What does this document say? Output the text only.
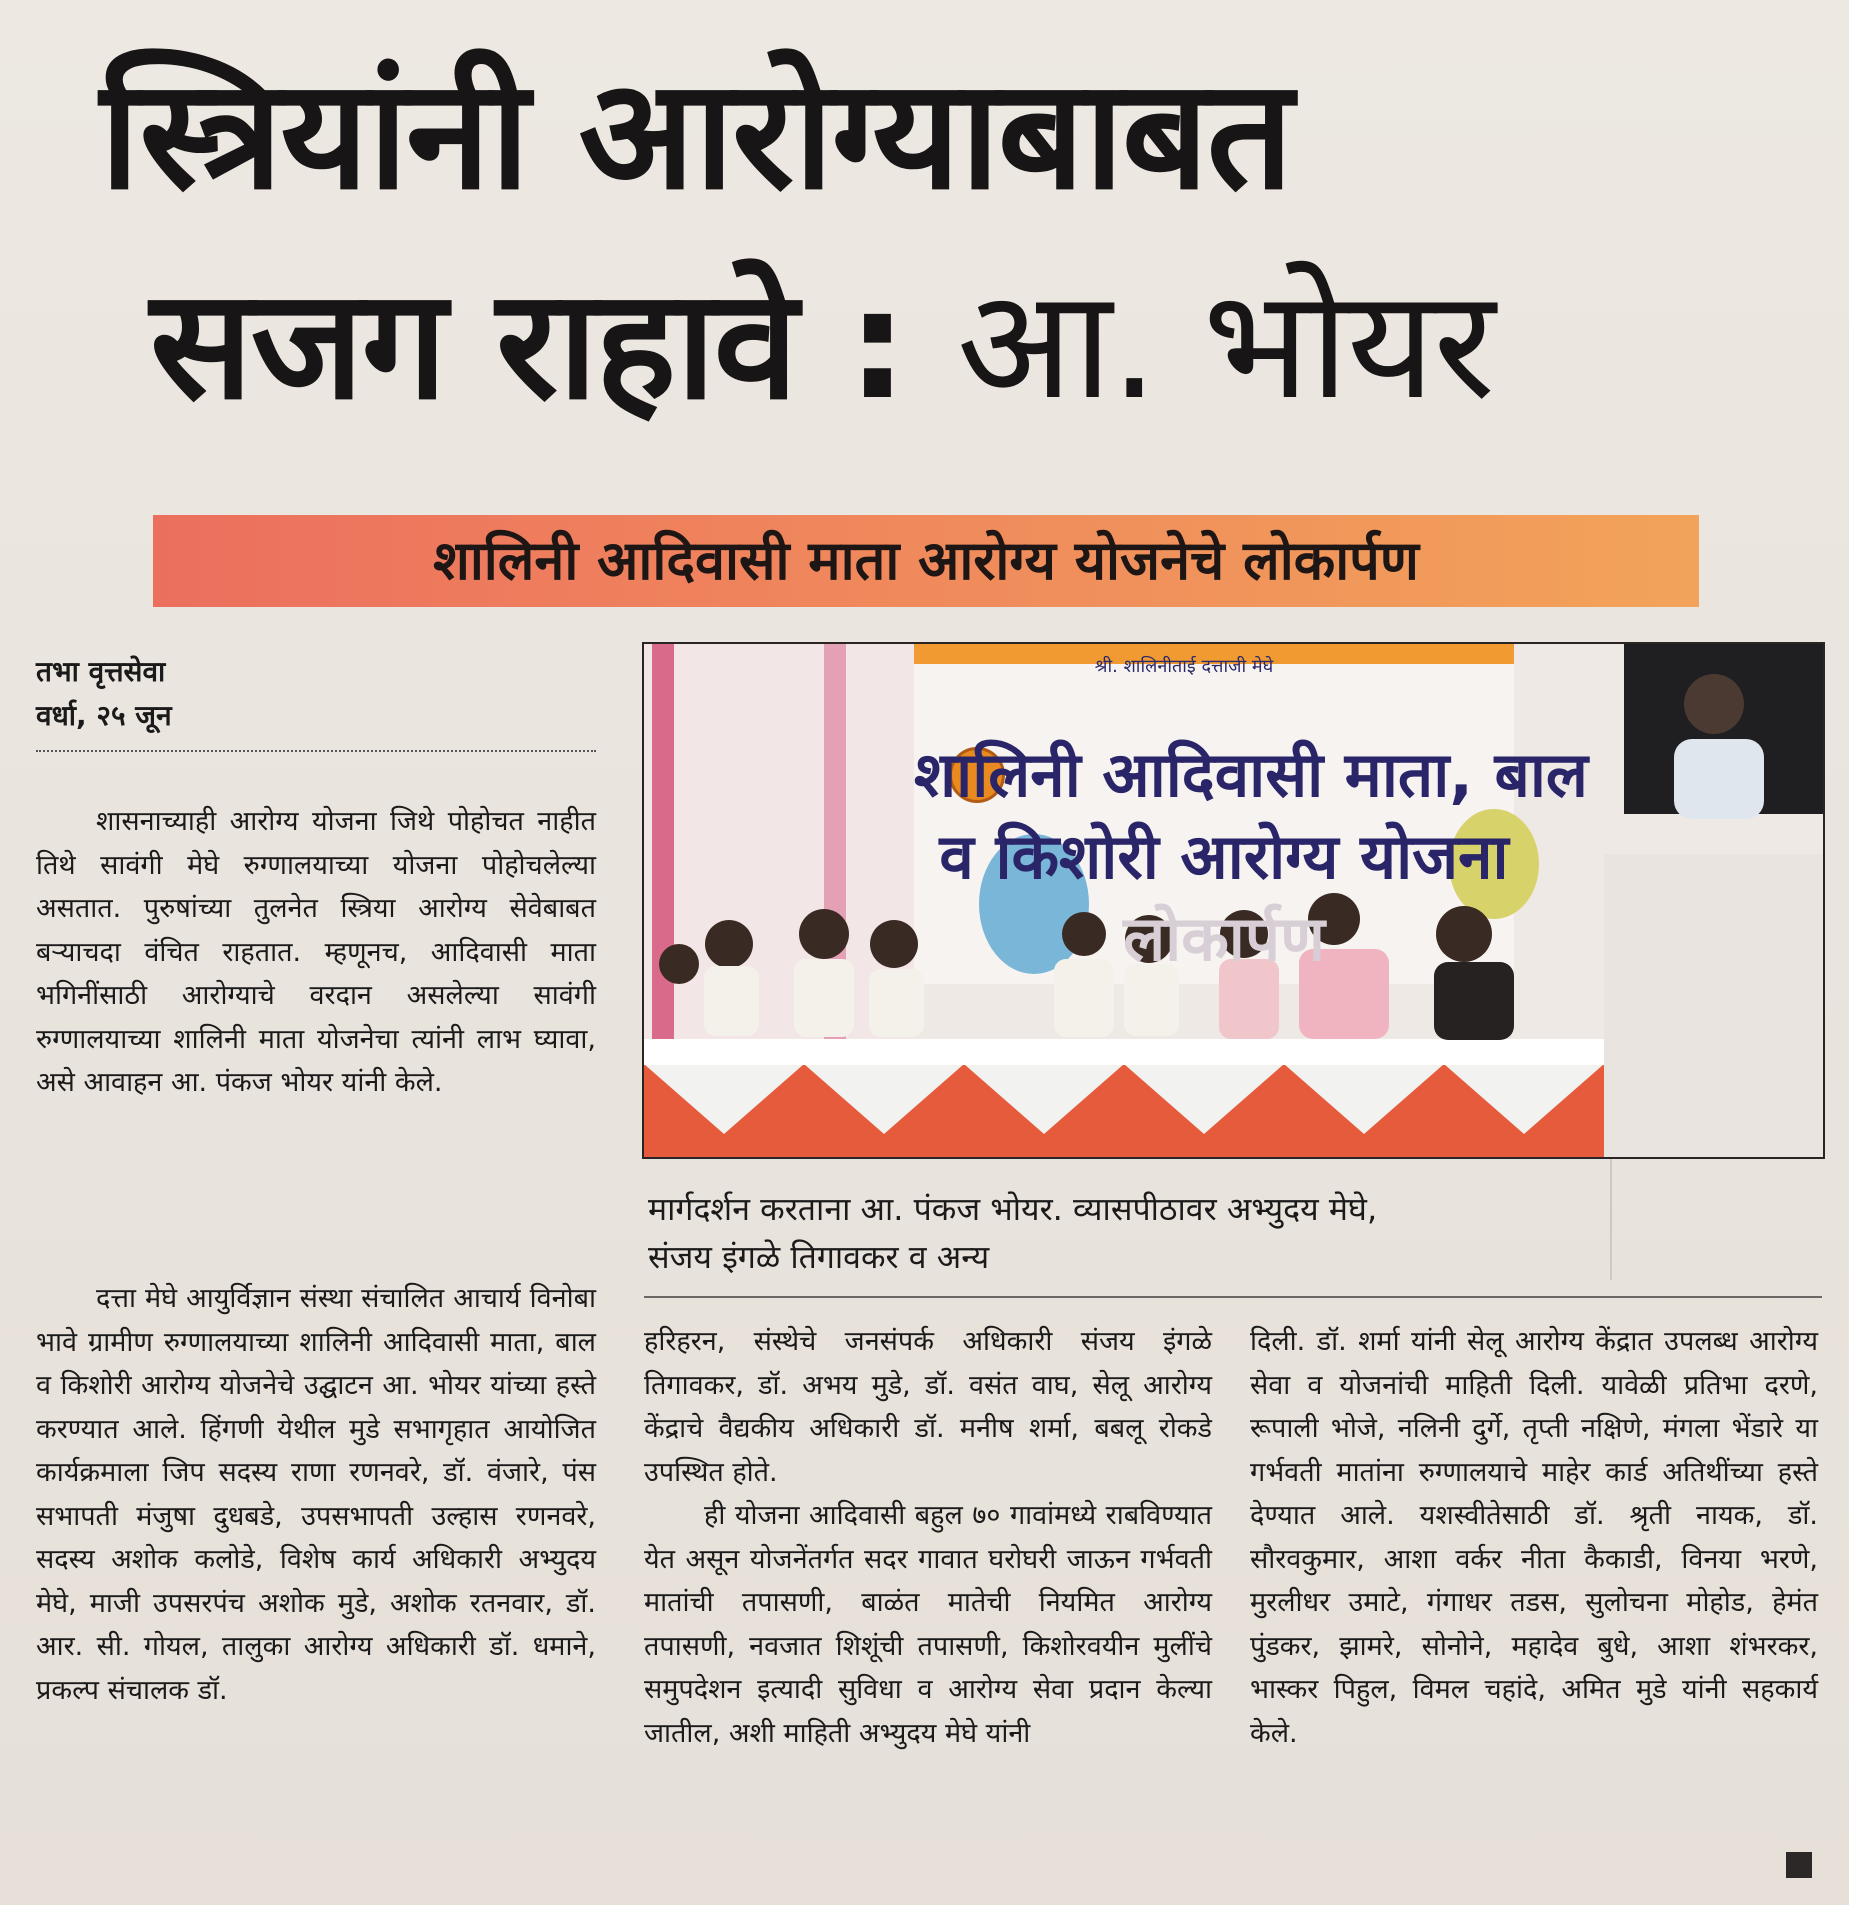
स्त्रियांनी आरोग्याबाबत
सजग राहावे : आ. भोयर
शालिनी आदिवासी माता आरोग्य योजनेचे लोकार्पण
तभा वृत्तसेवा
वर्धा, २५ जून

शासनाच्याही आरोग्य योजना जिथे पोहोचत नाहीत तिथे सावंगी मेघे रुग्णालयाच्या योजना पोहोचलेल्या असतात. पुरुषांच्या तुलनेत स्त्रिया आरोग्य सेवेबाबत बऱ्याचदा वंचित राहतात. म्हणूनच, आदिवासी माता भगिनींसाठी आरोग्याचे वरदान असलेल्या सावंगी रुग्णालयाच्या शालिनी माता योजनेचा त्यांनी लाभ घ्यावा, असे आवाहन आ. पंकज भोयर यांनी केले.

दत्ता मेघे आयुर्विज्ञान संस्था संचालित आचार्य विनोबा भावे ग्रामीण रुग्णालयाच्या शालिनी आदिवासी माता, बाल व किशोरी आरोग्य योजनेचे उद्घाटन आ. भोयर यांच्या हस्ते करण्यात आले. हिंगणी येथील मुडे सभागृहात आयोजित कार्यक्रमाला जिप सदस्य राणा रणनवरे, डॉ. वंजारे, पंस सभापती मंजुषा दुधबडे, उपसभापती उल्हास रणनवरे, सदस्य अशोक कलोडे, विशेष कार्य अधिकारी अभ्युदय मेघे, माजी उपसरपंच अशोक मुडे, अशोक रतनवार, डॉ. आर. सी. गोयल, तालुका आरोग्य अधिकारी डॉ. धमाने, प्रकल्प संचालक डॉ.

श्री. शालिनीताई दत्ताजी मेघे
शालिनी आदिवासी माता, बाल
व किशोरी आरोग्य योजना
लोकार्पण
मार्गदर्शन करताना आ. पंकज भोयर. व्यासपीठावर अभ्युदय मेघे,
संजय इंगळे तिगावकर व अन्य

हरिहरन, संस्थेचे जनसंपर्क अधिकारी संजय इंगळे तिगावकर, डॉ. अभय मुडे, डॉ. वसंत वाघ, सेलू आरोग्य केंद्राचे वैद्यकीय अधिकारी डॉ. मनीष शर्मा, बबलू रोकडे उपस्थित होते.

ही योजना आदिवासी बहुल ७० गावांमध्ये राबविण्यात येत असून योजनेंतर्गत सदर गावात घरोघरी जाऊन गर्भवती मातांची तपासणी, बाळंत मातेची नियमित आरोग्य तपासणी, नवजात शिशूंची तपासणी, किशोरवयीन मुलींचे समुपदेशन इत्यादी सुविधा व आरोग्य सेवा प्रदान केल्या जातील, अशी माहिती अभ्युदय मेघे यांनी

दिली. डॉ. शर्मा यांनी सेलू आरोग्य केंद्रात उपलब्ध आरोग्य सेवा व योजनांची माहिती दिली. यावेळी प्रतिभा दरणे, रूपाली भोजे, नलिनी दुर्गे, तृप्ती नक्षिणे, मंगला भेंडारे या गर्भवती मातांना रुग्णालयाचे माहेर कार्ड अतिथींच्या हस्ते देण्यात आले. यशस्वीतेसाठी डॉ. श्रृती नायक, डॉ. सौरवकुमार, आशा वर्कर नीता कैकाडी, विनया भरणे, मुरलीधर उमाटे, गंगाधर तडस, सुलोचना मोहोड, हेमंत पुंडकर, झामरे, सोनोने, महादेव बुधे, आशा शंभरकर, भास्कर पिहुल, विमल चहांदे, अमित मुडे यांनी सहकार्य केले.
